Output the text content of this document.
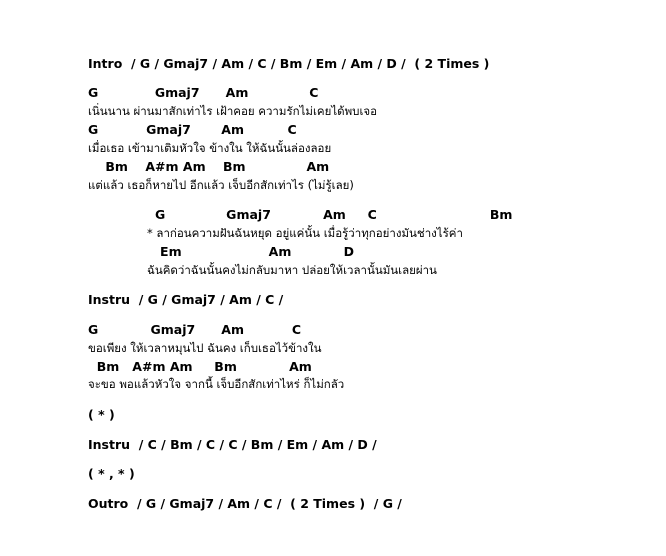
Intro  / G / Gmaj7 / Am / C / Bm / Em / Am / D /  ( 2 Times )
G             Gmaj7      Am              C
เนิ่นนาน ผ่านมาสักเท่าไร เฝ้าคอย ความรักไม่เคยได้พบเจอ
G           Gmaj7       Am          C
เมื่อเธอ เข้ามาเติมหัวใจ ข้างใน ให้ฉันนั้นล่องลอย
Bm    A#m Am    Bm              Am
แต่แล้ว เธอก็หายไป อีกแล้ว เจ็บอีกสักเท่าไร (ไม่รู้เลย)
G              Gmaj7            Am     C                          Bm
* ลาก่อนความฝันฉันหยุด อยู่แค่นั้น เมื่อรู้ว่าทุกอย่างมันช่างไร้ค่า
Em                    Am            D
ฉันคิดว่าฉันนั้นคงไม่กลับมาหา ปล่อยให้เวลานั้นมันเลยผ่าน
Instru  / G / Gmaj7 / Am / C /
G            Gmaj7      Am           C
ขอเพียง ให้เวลาหมุนไป ฉันคง เก็บเธอไว้ข้างใน
Bm   A#m Am     Bm            Am
จะขอ พอแล้วหัวใจ จากนี้ เจ็บอีกสักเท่าไหร่ ก็ไม่กลัว
( * )
Instru  / C / Bm / C / C / Bm / Em / Am / D /
( * , * )
Outro  / G / Gmaj7 / Am / C /  ( 2 Times )  / G /
